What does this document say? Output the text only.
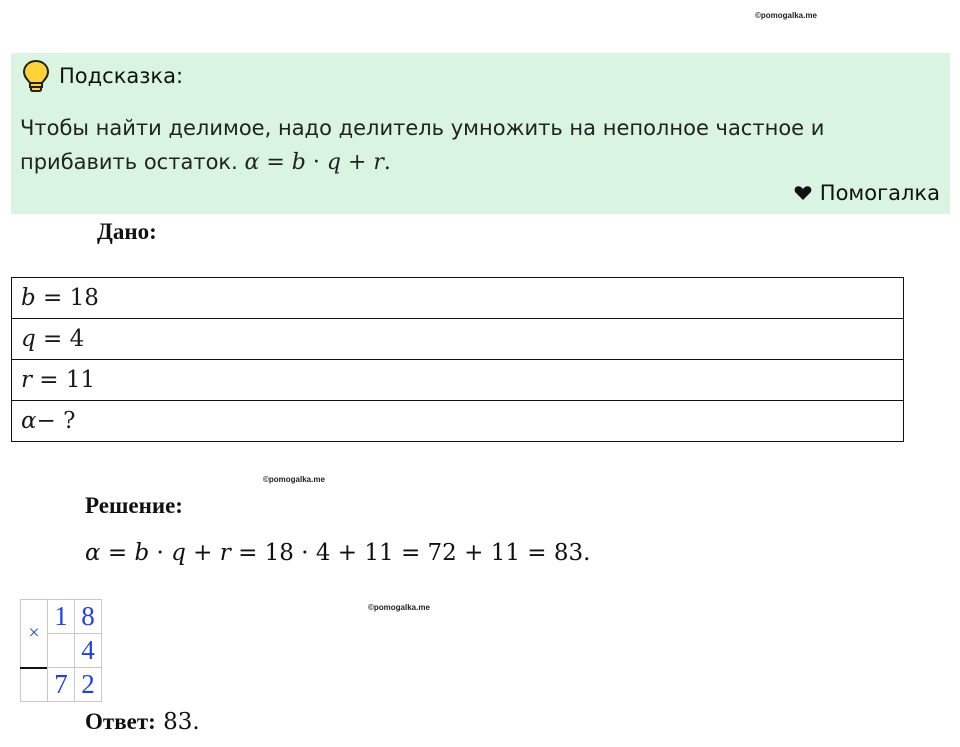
©pomogalka.me
Подсказка:
Чтобы найти делимое, надо делитель умножить на неполное частное и
прибавить остаток. α = b · q + r.
Помогалка
Дано:
b = 18
q = 4
r = 11
α− ?
©pomogalka.me
Решение:
α = b · q + r = 18 · 4 + 11 = 72 + 11 = 83.
©pomogalka.me
×	1	8
		4
	7	2
Ответ: 83.
